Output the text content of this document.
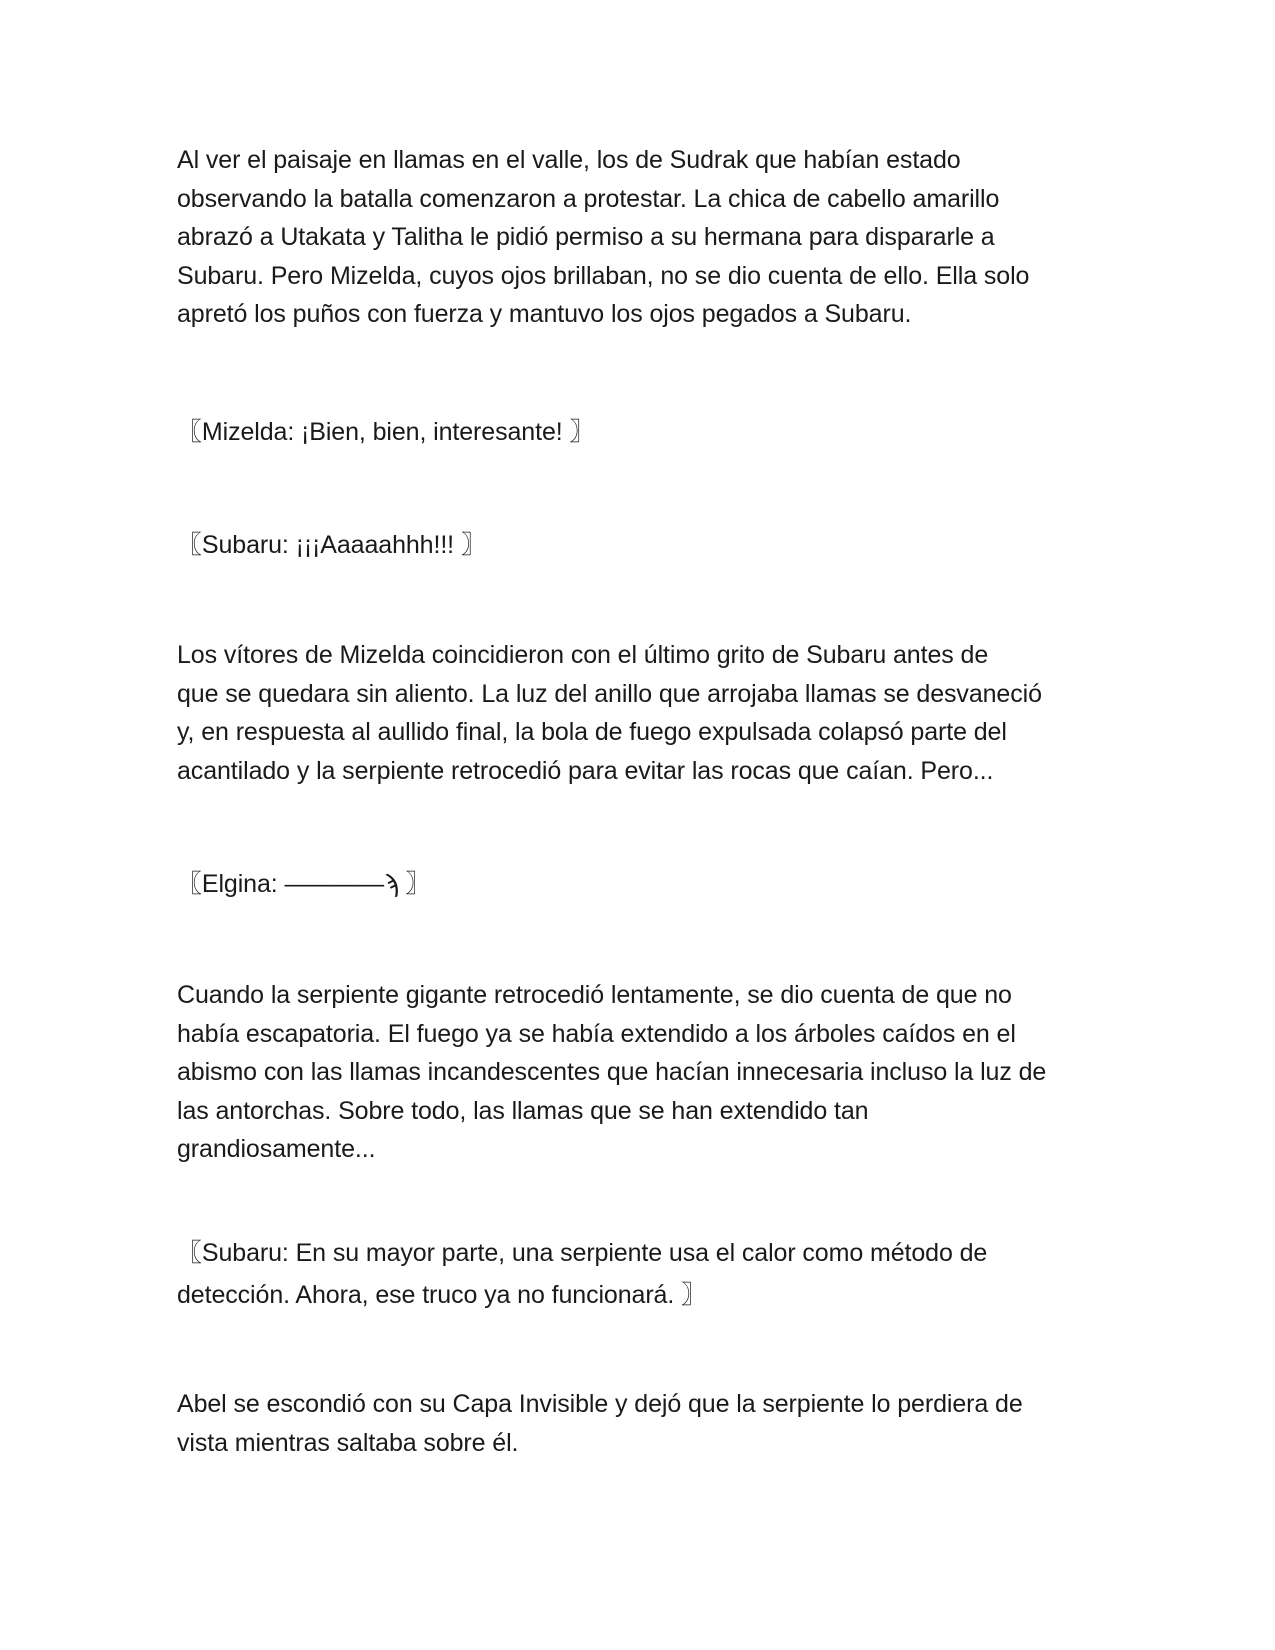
Al ver el paisaje en llamas en el valle, los de Sudrak que habían estado
observando la batalla comenzaron a protestar. La chica de cabello amarillo
abrazó a Utakata y Talitha le pidió permiso a su hermana para dispararle a
Subaru. Pero Mizelda, cuyos ojos brillaban, no se dio cuenta de ello. Ella solo
apretó los puños con fuerza y mantuvo los ojos pegados a Subaru.

〖Mizelda: ¡Bien, bien, interesante! 〗

〖Subaru: ¡¡¡Aaaaahhh!!! 〗

Los vítores de Mizelda coincidieron con el último grito de Subaru antes de
que se quedara sin aliento. La luz del anillo que arrojaba llamas se desvaneció
y, en respuesta al aullido final, la bola de fuego expulsada colapsó parte del
acantilado y la serpiente retrocedió para evitar las rocas que caían. Pero...

〖Elgina: ————ϡ 〗

Cuando la serpiente gigante retrocedió lentamente, se dio cuenta de que no
había escapatoria. El fuego ya se había extendido a los árboles caídos en el
abismo con las llamas incandescentes que hacían innecesaria incluso la luz de
las antorchas. Sobre todo, las llamas que se han extendido tan
grandiosamente...

〖Subaru: En su mayor parte, una serpiente usa el calor como método de
detección. Ahora, ese truco ya no funcionará. 〗

Abel se escondió con su Capa Invisible y dejó que la serpiente lo perdiera de
vista mientras saltaba sobre él.
